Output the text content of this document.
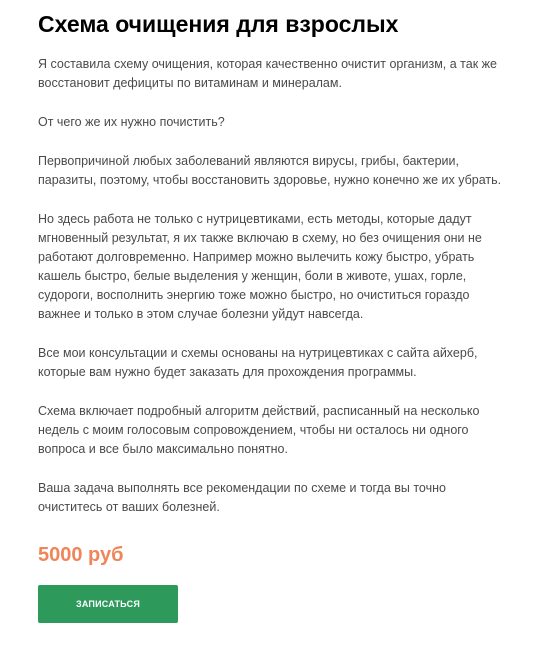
Схема очищения для взрослых

Я составила схему очищения, которая качественно очистит организм, а так же
восстановит дефициты по витаминам и минералам.

От чего же их нужно почистить?

Первопричиной любых заболеваний являются вирусы, грибы, бактерии,
паразиты, поэтому, чтобы восстановить здоровье, нужно конечно же их убрать.

Но здесь работа не только с нутрицевтиками, есть методы, которые дадут
мгновенный результат, я их также включаю в схему, но без очищения они не
работают долговременно. Например можно вылечить кожу быстро, убрать
кашель быстро, белые выделения у женщин, боли в животе, ушах, горле,
судороги, восполнить энергию тоже можно быстро, но очиститься гораздо
важнее и только в этом случае болезни уйдут навсегда.

Все мои консультации и схемы основаны на нутрицевтиках с сайта айхерб,
которые вам нужно будет заказать для прохождения программы.

Схема включает подробный алгоритм действий, расписанный на несколько
недель с моим голосовым сопровождением, чтобы ни осталось ни одного
вопроса и все было максимально понятно.

Ваша задача выполнять все рекомендации по схеме и тогда вы точно
очиститесь от ваших болезней.

5000 руб

ЗАПИСАТЬСЯ
